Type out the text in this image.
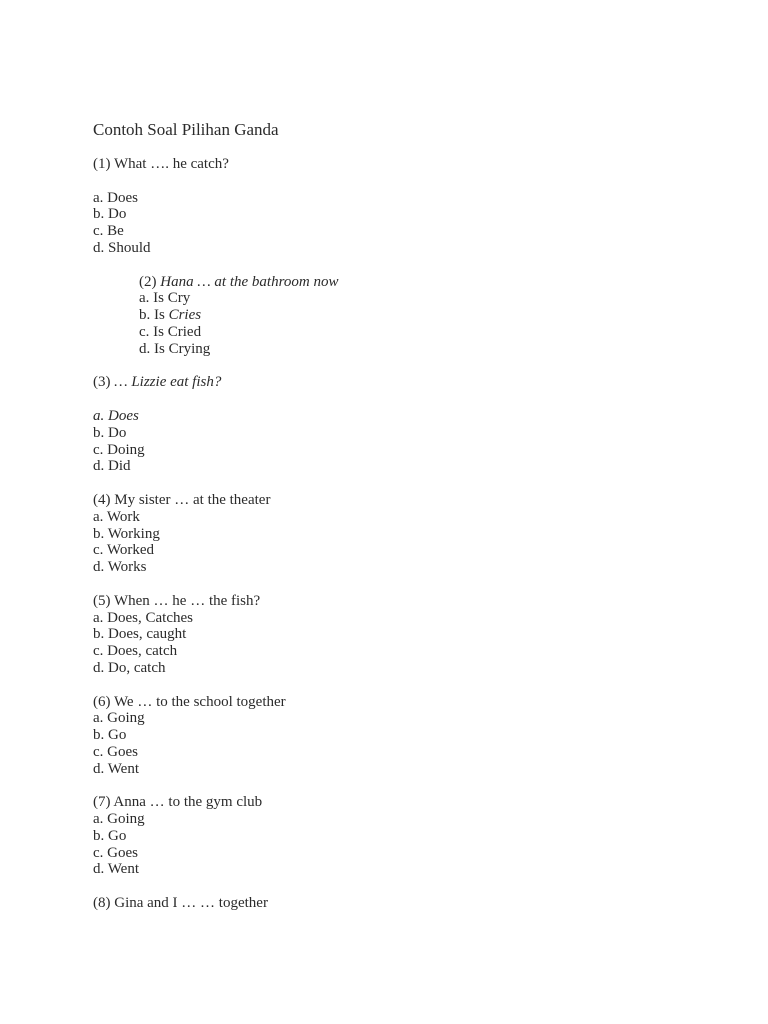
Contoh Soal Pilihan Ganda

(1) What …. he catch?

a. Does

b. Do

c. Be

d. Should

(2) Hana … at the bathroom now

a. Is Cry

b. Is Cries

c. Is Cried

d. Is Crying

(3) … Lizzie eat fish?

a. Does

b. Do

c. Doing

d. Did

(4) My sister … at the theater

a. Work

b. Working

c. Worked

d. Works

(5) When … he … the fish?

a. Does, Catches

b. Does, caught

c. Does, catch

d. Do, catch

(6) We … to the school together

a. Going

b. Go

c. Goes

d. Went

(7) Anna … to the gym club

a. Going

b. Go

c. Goes

d. Went

(8) Gina and I … … together
